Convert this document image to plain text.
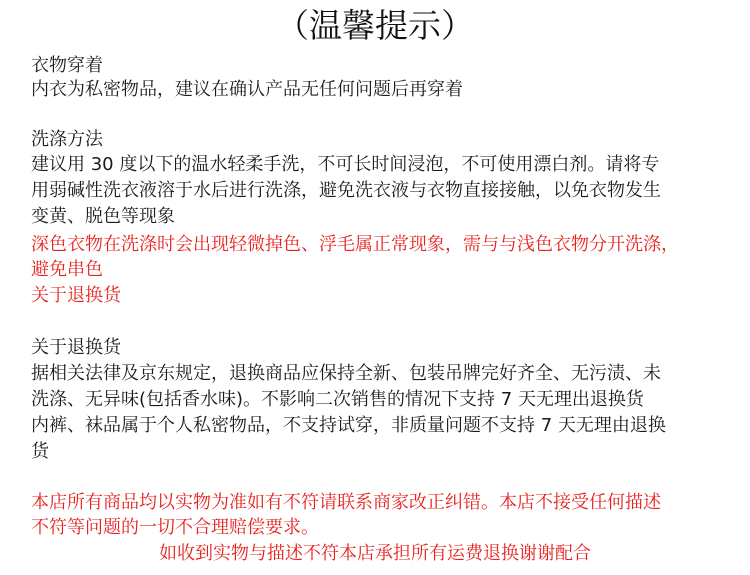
（温馨提示）
衣物穿着
内衣为私密物品，建议在确认产品无任何问题后再穿着
洗涤方法
建议用 30 度以下的温水轻柔手洗，不可长时间浸泡，不可使用漂白剂。请将专
用弱碱性洗衣液溶于水后进行洗涤，避免洗衣液与衣物直接接触，以免衣物发生
变黄、脱色等现象
深色衣物在洗涤时会出现轻微掉色、浮毛属正常现象，需与与浅色衣物分开洗涤，
避免串色
关于退换货
关于退换货
据相关法律及京东规定，退换商品应保持全新、包装吊牌完好齐全、无污渍、未
洗涤、无异味(包括香水味)。不影响二次销售的情况下支持 7 天无理出退换货
内裤、袜品属于个人私密物品，不支持试穿，非质量问题不支持 7 天无理由退换
货
本店所有商品均以实物为准如有不符请联系商家改正纠错。本店不接受任何描述
不符等问题的一切不合理赔偿要求。
如收到实物与描述不符本店承担所有运费退换谢谢配合
